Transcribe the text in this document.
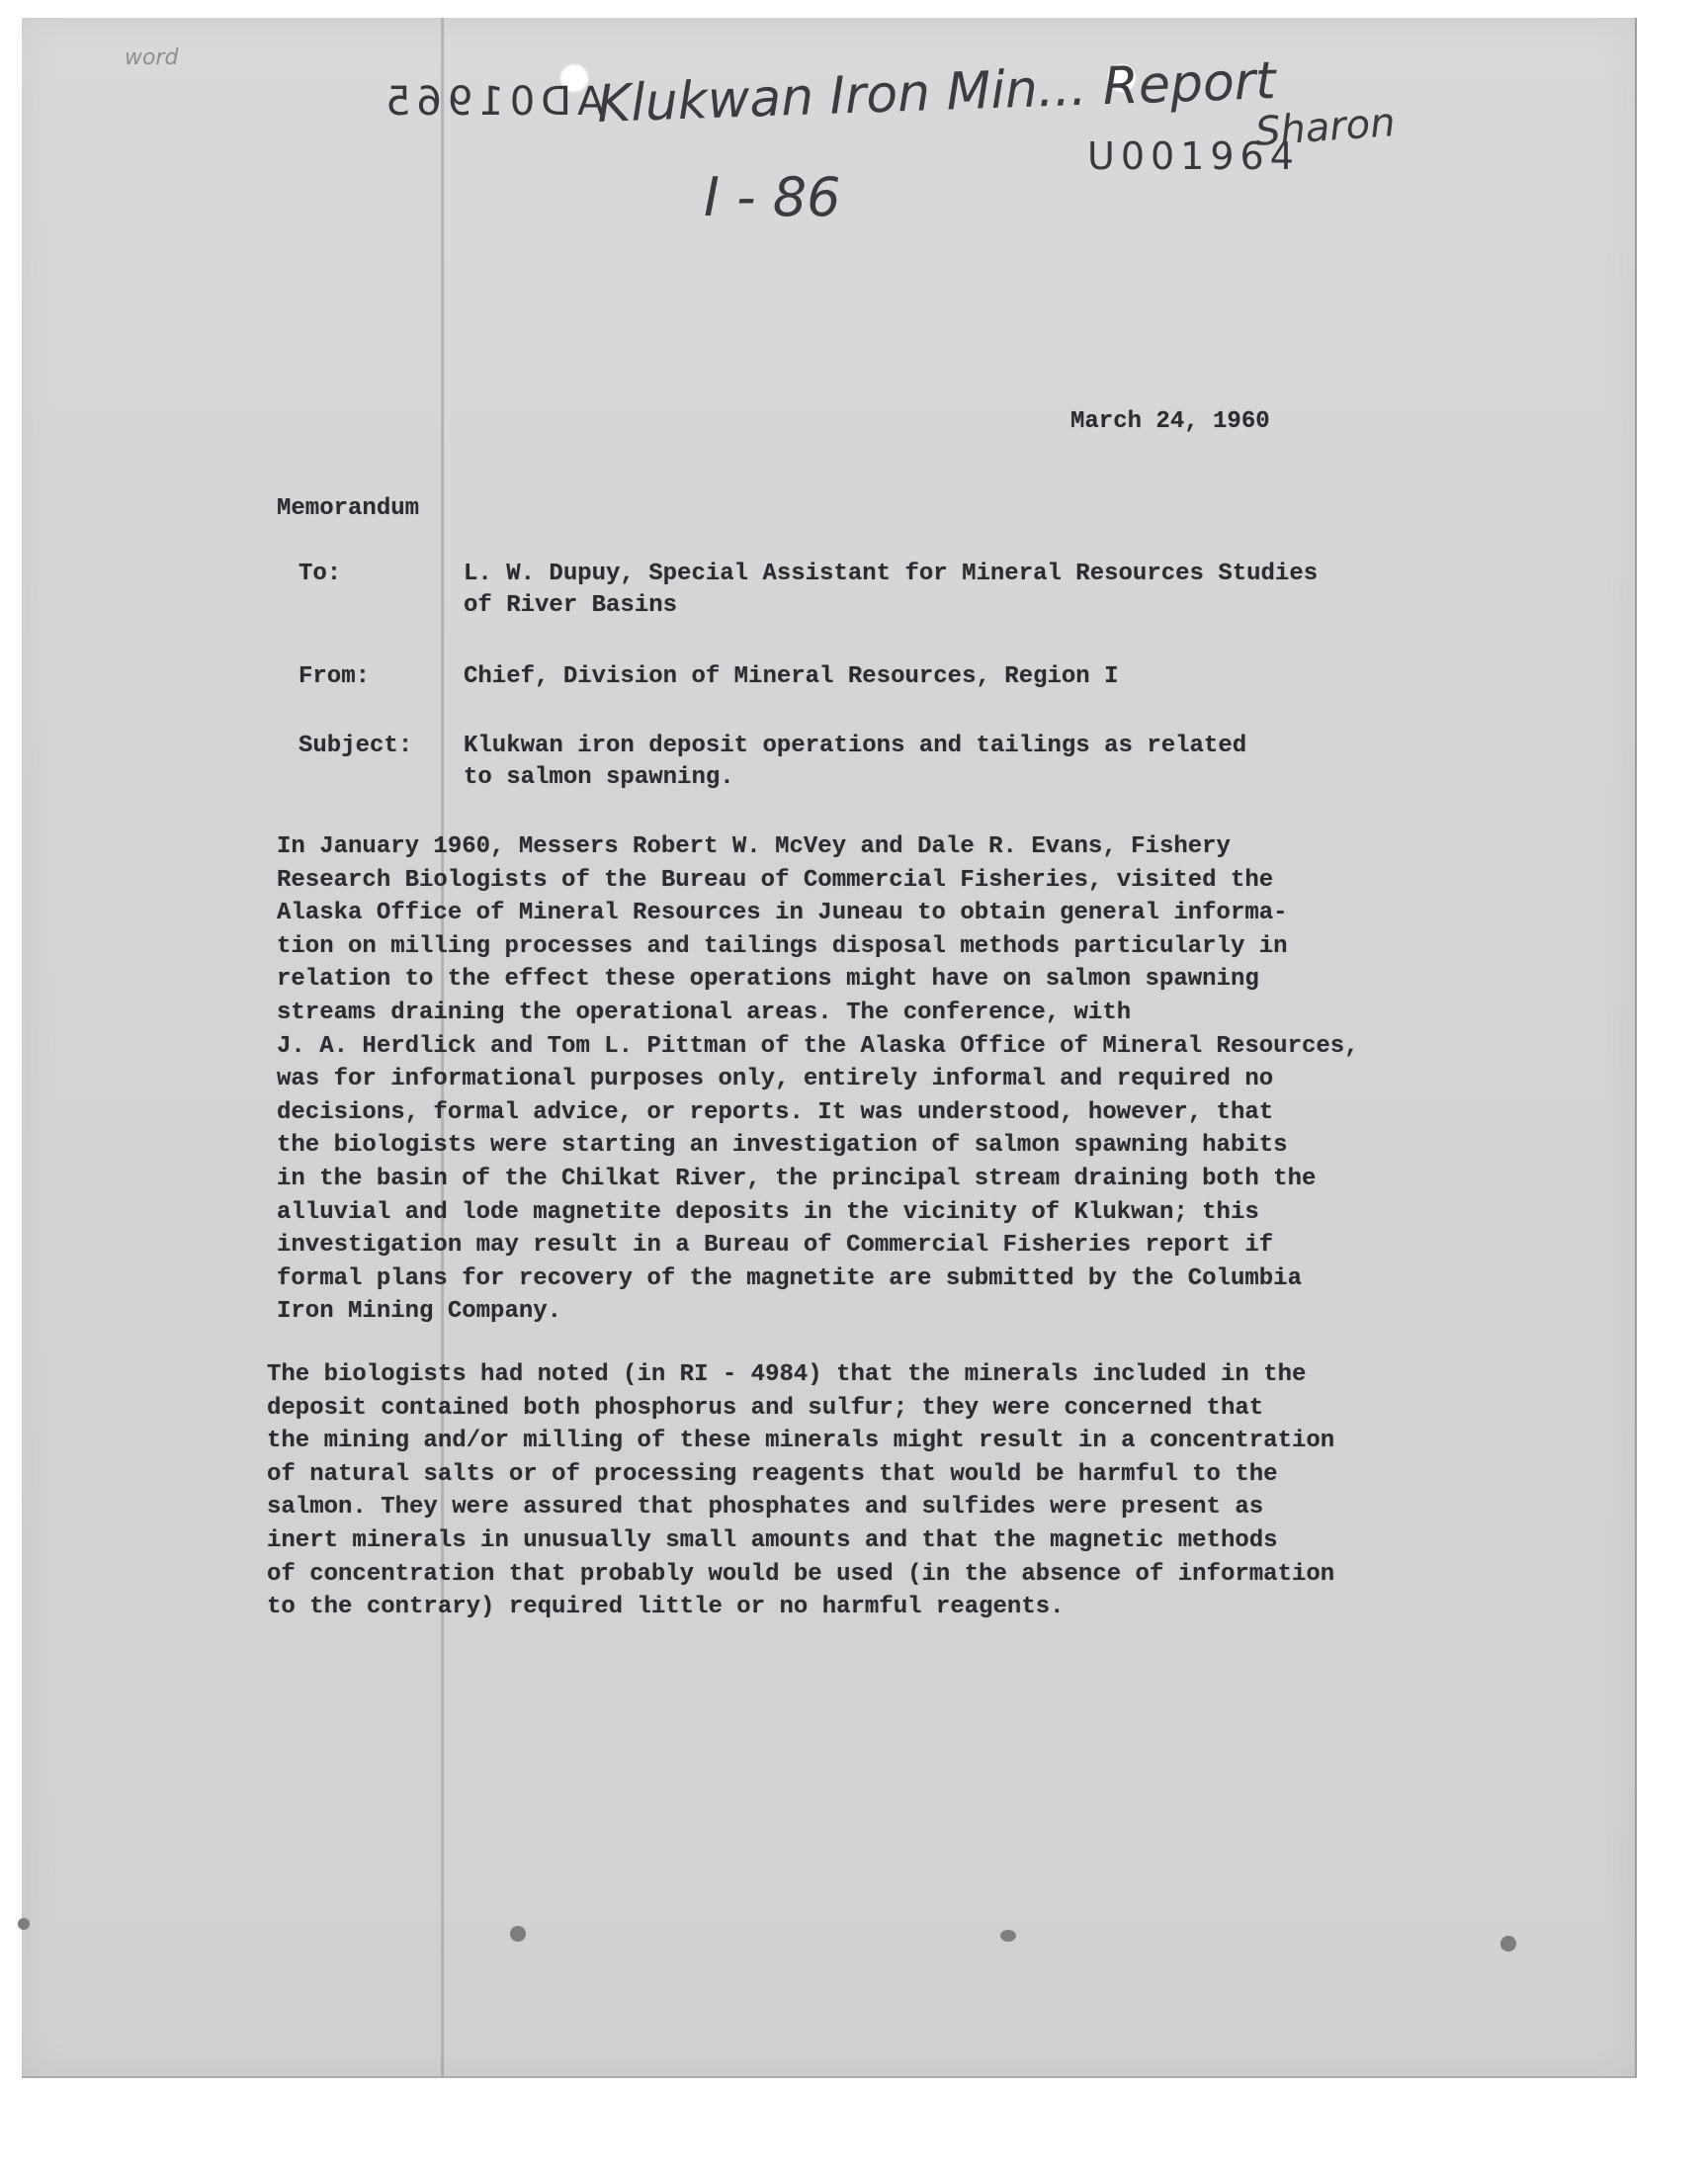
word
AD01965
Klukwan Iron Min... Report
Sharon
U001964
I - 86
March 24, 1960
Memorandum
To:	L. W. Dupuy, Special Assistant for Mineral Resources Studies
of River Basins
From:	Chief, Division of Mineral Resources, Region I
Subject: Klukwan iron deposit operations and tailings as related
to salmon spawning.
In January 1960, Messers Robert W. McVey and Dale R. Evans, Fishery
Research Biologists of the Bureau of Commercial Fisheries, visited the
Alaska Office of Mineral Resources in Juneau to obtain general informa-
tion on milling processes and tailings disposal methods particularly in
relation to the effect these operations might have on salmon spawning
streams draining the operational areas. The conference, with
J. A. Herdlick and Tom L. Pittman of the Alaska Office of Mineral Resources,
was for informational purposes only, entirely informal and required no
decisions, formal advice, or reports. It was understood, however, that
the biologists were starting an investigation of salmon spawning habits
in the basin of the Chilkat River, the principal stream draining both the
alluvial and lode magnetite deposits in the vicinity of Klukwan; this
investigation may result in a Bureau of Commercial Fisheries report if
formal plans for recovery of the magnetite are submitted by the Columbia
Iron Mining Company.
The biologists had noted (in RI - 4984) that the minerals included in the
deposit contained both phosphorus and sulfur; they were concerned that
the mining and/or milling of these minerals might result in a concentration
of natural salts or of processing reagents that would be harmful to the
salmon. They were assured that phosphates and sulfides were present as
inert minerals in unusually small amounts and that the magnetic methods
of concentration that probably would be used (in the absence of information
to the contrary) required little or no harmful reagents.
